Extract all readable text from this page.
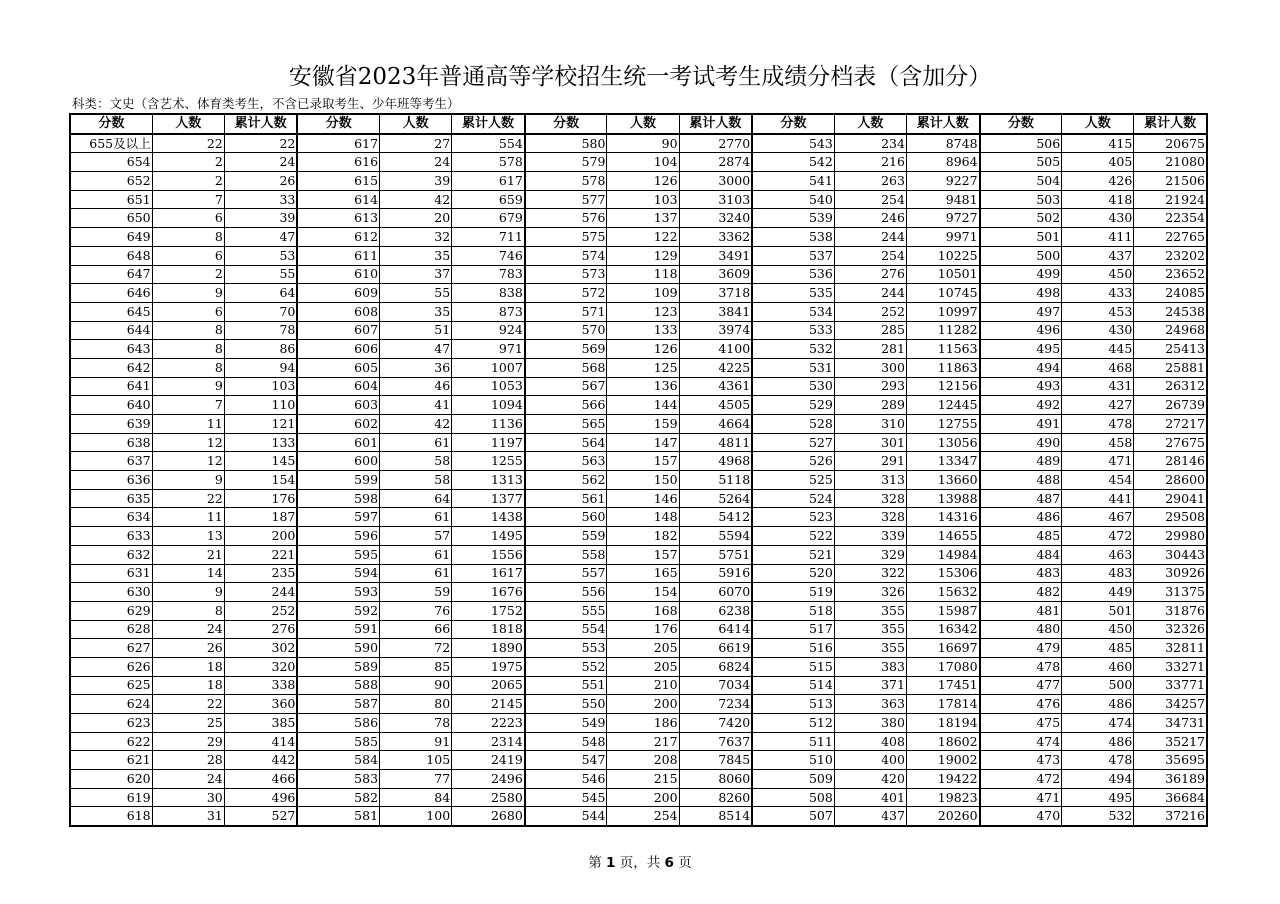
安徽省2023年普通高等学校招生统一考试考生成绩分档表（含加分）
科类：文史（含艺术、体育类考生，不含已录取考生、少年班等考生）
分数	人数	累计人数	分数	人数	累计人数	分数	人数	累计人数	分数	人数	累计人数	分数	人数	累计人数
655及以上	22	22	617	27	554	580	90	2770	543	234	8748	506	415	20675
654	2	24	616	24	578	579	104	2874	542	216	8964	505	405	21080
652	2	26	615	39	617	578	126	3000	541	263	9227	504	426	21506
651	7	33	614	42	659	577	103	3103	540	254	9481	503	418	21924
650	6	39	613	20	679	576	137	3240	539	246	9727	502	430	22354
649	8	47	612	32	711	575	122	3362	538	244	9971	501	411	22765
648	6	53	611	35	746	574	129	3491	537	254	10225	500	437	23202
647	2	55	610	37	783	573	118	3609	536	276	10501	499	450	23652
646	9	64	609	55	838	572	109	3718	535	244	10745	498	433	24085
645	6	70	608	35	873	571	123	3841	534	252	10997	497	453	24538
644	8	78	607	51	924	570	133	3974	533	285	11282	496	430	24968
643	8	86	606	47	971	569	126	4100	532	281	11563	495	445	25413
642	8	94	605	36	1007	568	125	4225	531	300	11863	494	468	25881
641	9	103	604	46	1053	567	136	4361	530	293	12156	493	431	26312
640	7	110	603	41	1094	566	144	4505	529	289	12445	492	427	26739
639	11	121	602	42	1136	565	159	4664	528	310	12755	491	478	27217
638	12	133	601	61	1197	564	147	4811	527	301	13056	490	458	27675
637	12	145	600	58	1255	563	157	4968	526	291	13347	489	471	28146
636	9	154	599	58	1313	562	150	5118	525	313	13660	488	454	28600
635	22	176	598	64	1377	561	146	5264	524	328	13988	487	441	29041
634	11	187	597	61	1438	560	148	5412	523	328	14316	486	467	29508
633	13	200	596	57	1495	559	182	5594	522	339	14655	485	472	29980
632	21	221	595	61	1556	558	157	5751	521	329	14984	484	463	30443
631	14	235	594	61	1617	557	165	5916	520	322	15306	483	483	30926
630	9	244	593	59	1676	556	154	6070	519	326	15632	482	449	31375
629	8	252	592	76	1752	555	168	6238	518	355	15987	481	501	31876
628	24	276	591	66	1818	554	176	6414	517	355	16342	480	450	32326
627	26	302	590	72	1890	553	205	6619	516	355	16697	479	485	32811
626	18	320	589	85	1975	552	205	6824	515	383	17080	478	460	33271
625	18	338	588	90	2065	551	210	7034	514	371	17451	477	500	33771
624	22	360	587	80	2145	550	200	7234	513	363	17814	476	486	34257
623	25	385	586	78	2223	549	186	7420	512	380	18194	475	474	34731
622	29	414	585	91	2314	548	217	7637	511	408	18602	474	486	35217
621	28	442	584	105	2419	547	208	7845	510	400	19002	473	478	35695
620	24	466	583	77	2496	546	215	8060	509	420	19422	472	494	36189
619	30	496	582	84	2580	545	200	8260	508	401	19823	471	495	36684
618	31	527	581	100	2680	544	254	8514	507	437	20260	470	532	37216
第 1 页，共 6 页
